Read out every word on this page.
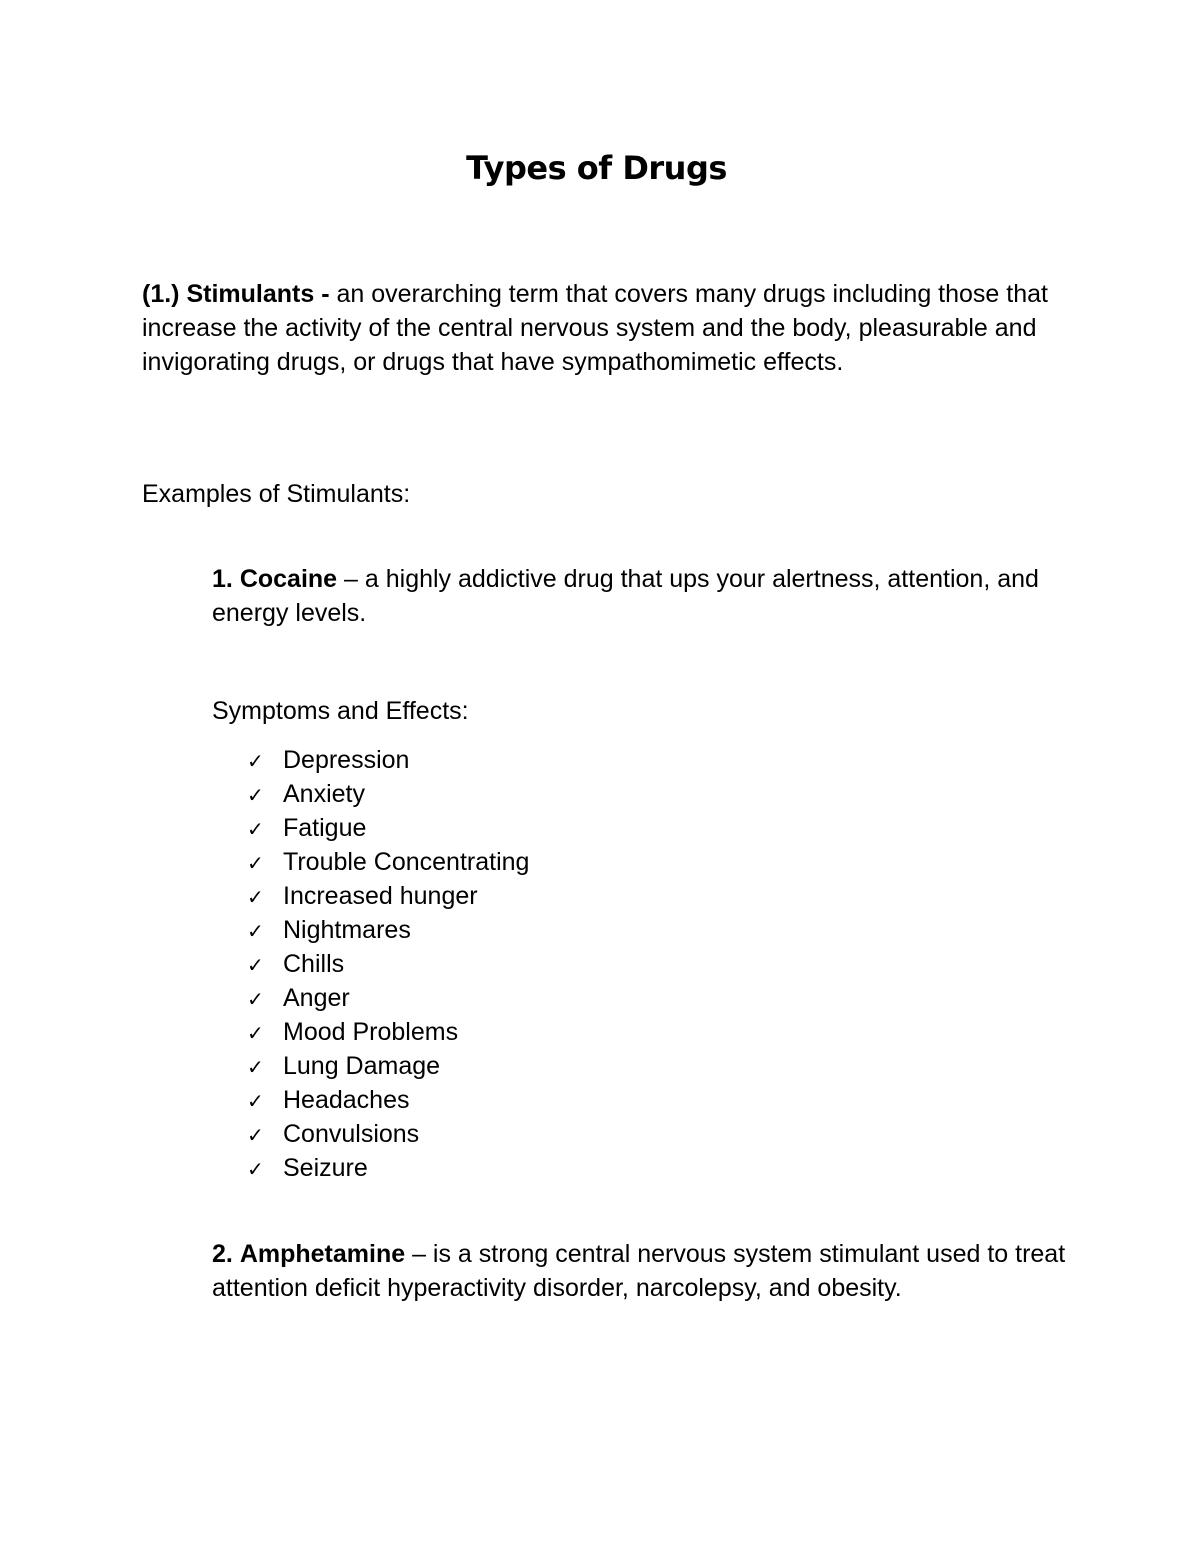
Types of Drugs
(1.) Stimulants - an overarching term that covers many drugs including those that increase the activity of the central nervous system and the body, pleasurable and invigorating drugs, or drugs that have sympathomimetic effects.
Examples of Stimulants:
1. Cocaine – a highly addictive drug that ups your alertness, attention, and energy levels.
Symptoms and Effects:
✓ Depression
✓ Anxiety
✓ Fatigue
✓ Trouble Concentrating
✓ Increased hunger
✓ Nightmares
✓ Chills
✓ Anger
✓ Mood Problems
✓ Lung Damage
✓ Headaches
✓ Convulsions
✓ Seizure
2. Amphetamine – is a strong central nervous system stimulant used to treat attention deficit hyperactivity disorder, narcolepsy, and obesity.
